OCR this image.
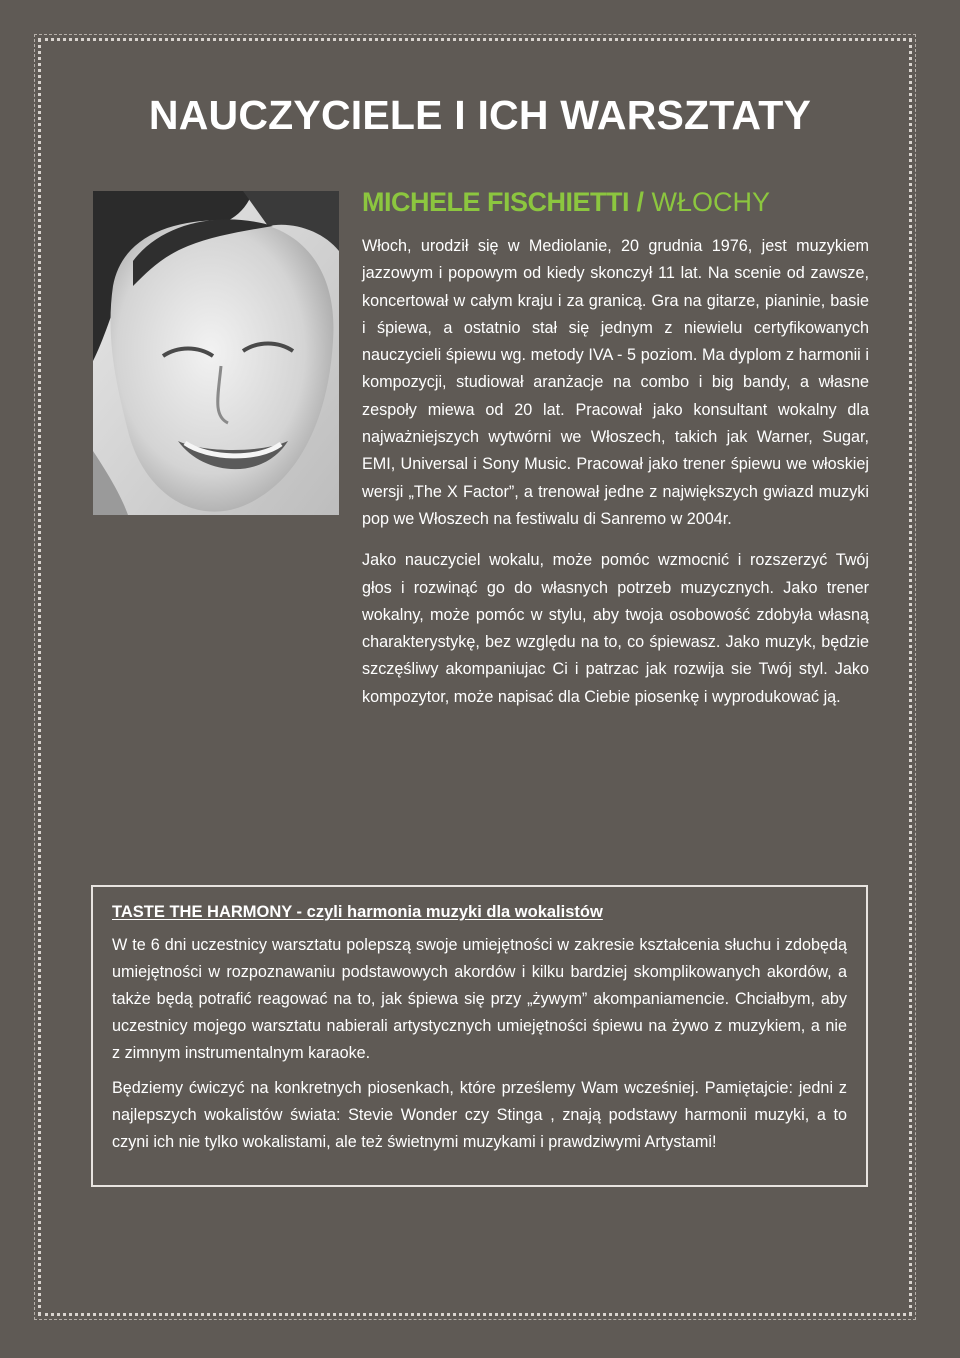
NAUCZYCIELE I ICH WARSZTATY
MICHELE FISCHIETTI / WŁOCHY

Włoch, urodził się w Mediolanie, 20 grudnia 1976, jest muzykiem jazzowym i popowym od kiedy skonczył 11 lat. Na scenie od zawsze, koncertował w całym kraju i za granicą. Gra na gitarze, pianinie, basie i śpiewa, a ostatnio stał się jednym z niewielu certyfikowanych nauczycieli śpiewu wg. metody IVA - 5 poziom. Ma dyplom z harmonii i kompozycji, studiował aranżacje na combo i big bandy, a własne zespoły miewa od 20 lat. Pracował jako konsultant wokalny dla najważniejszych wytwórni we Włoszech, takich jak Warner, Sugar, EMI, Universal i Sony Music. Pracował jako trener śpiewu we włoskiej wersji „The X Factor”, a trenował jedne z największych gwiazd muzyki pop we Włoszech na festiwalu di Sanremo w 2004r.

Jako nauczyciel wokalu, może pomóc wzmocnić i rozszerzyć Twój głos i rozwinąć go do własnych potrzeb muzycznych. Jako trener wokalny, może pomóc w stylu, aby twoja osobowość zdobyła własną charakterystykę, bez względu na to, co śpiewasz. Jako muzyk, będzie szczęśliwy akompaniujac Ci i patrzac jak rozwija sie Twój styl. Jako kompozytor, może napisać dla Ciebie piosenkę i wyprodukować ją.

TASTE THE HARMONY - czyli harmonia muzyki dla wokalistów

W te 6 dni uczestnicy warsztatu polepszą swoje umiejętności w zakresie kształcenia słuchu i zdobędą umiejętności w rozpoznawaniu podstawowych akordów i kilku bardziej skomplikowanych akordów, a także będą potrafić reagować na to, jak śpiewa się przy „żywym” akompaniamencie. Chciałbym, aby uczestnicy mojego warsztatu nabierali artystycznych umiejętności śpiewu na żywo z muzykiem, a nie z zimnym instrumentalnym karaoke.

Będziemy ćwiczyć na konkretnych piosenkach, które prześlemy Wam wcześniej. Pamiętajcie: jedni z najlepszych wokalistów świata: Stevie Wonder czy Stinga , znają podstawy harmonii muzyki, a to czyni ich nie tylko wokalistami, ale też świetnymi muzykami i prawdziwymi Artystami!
